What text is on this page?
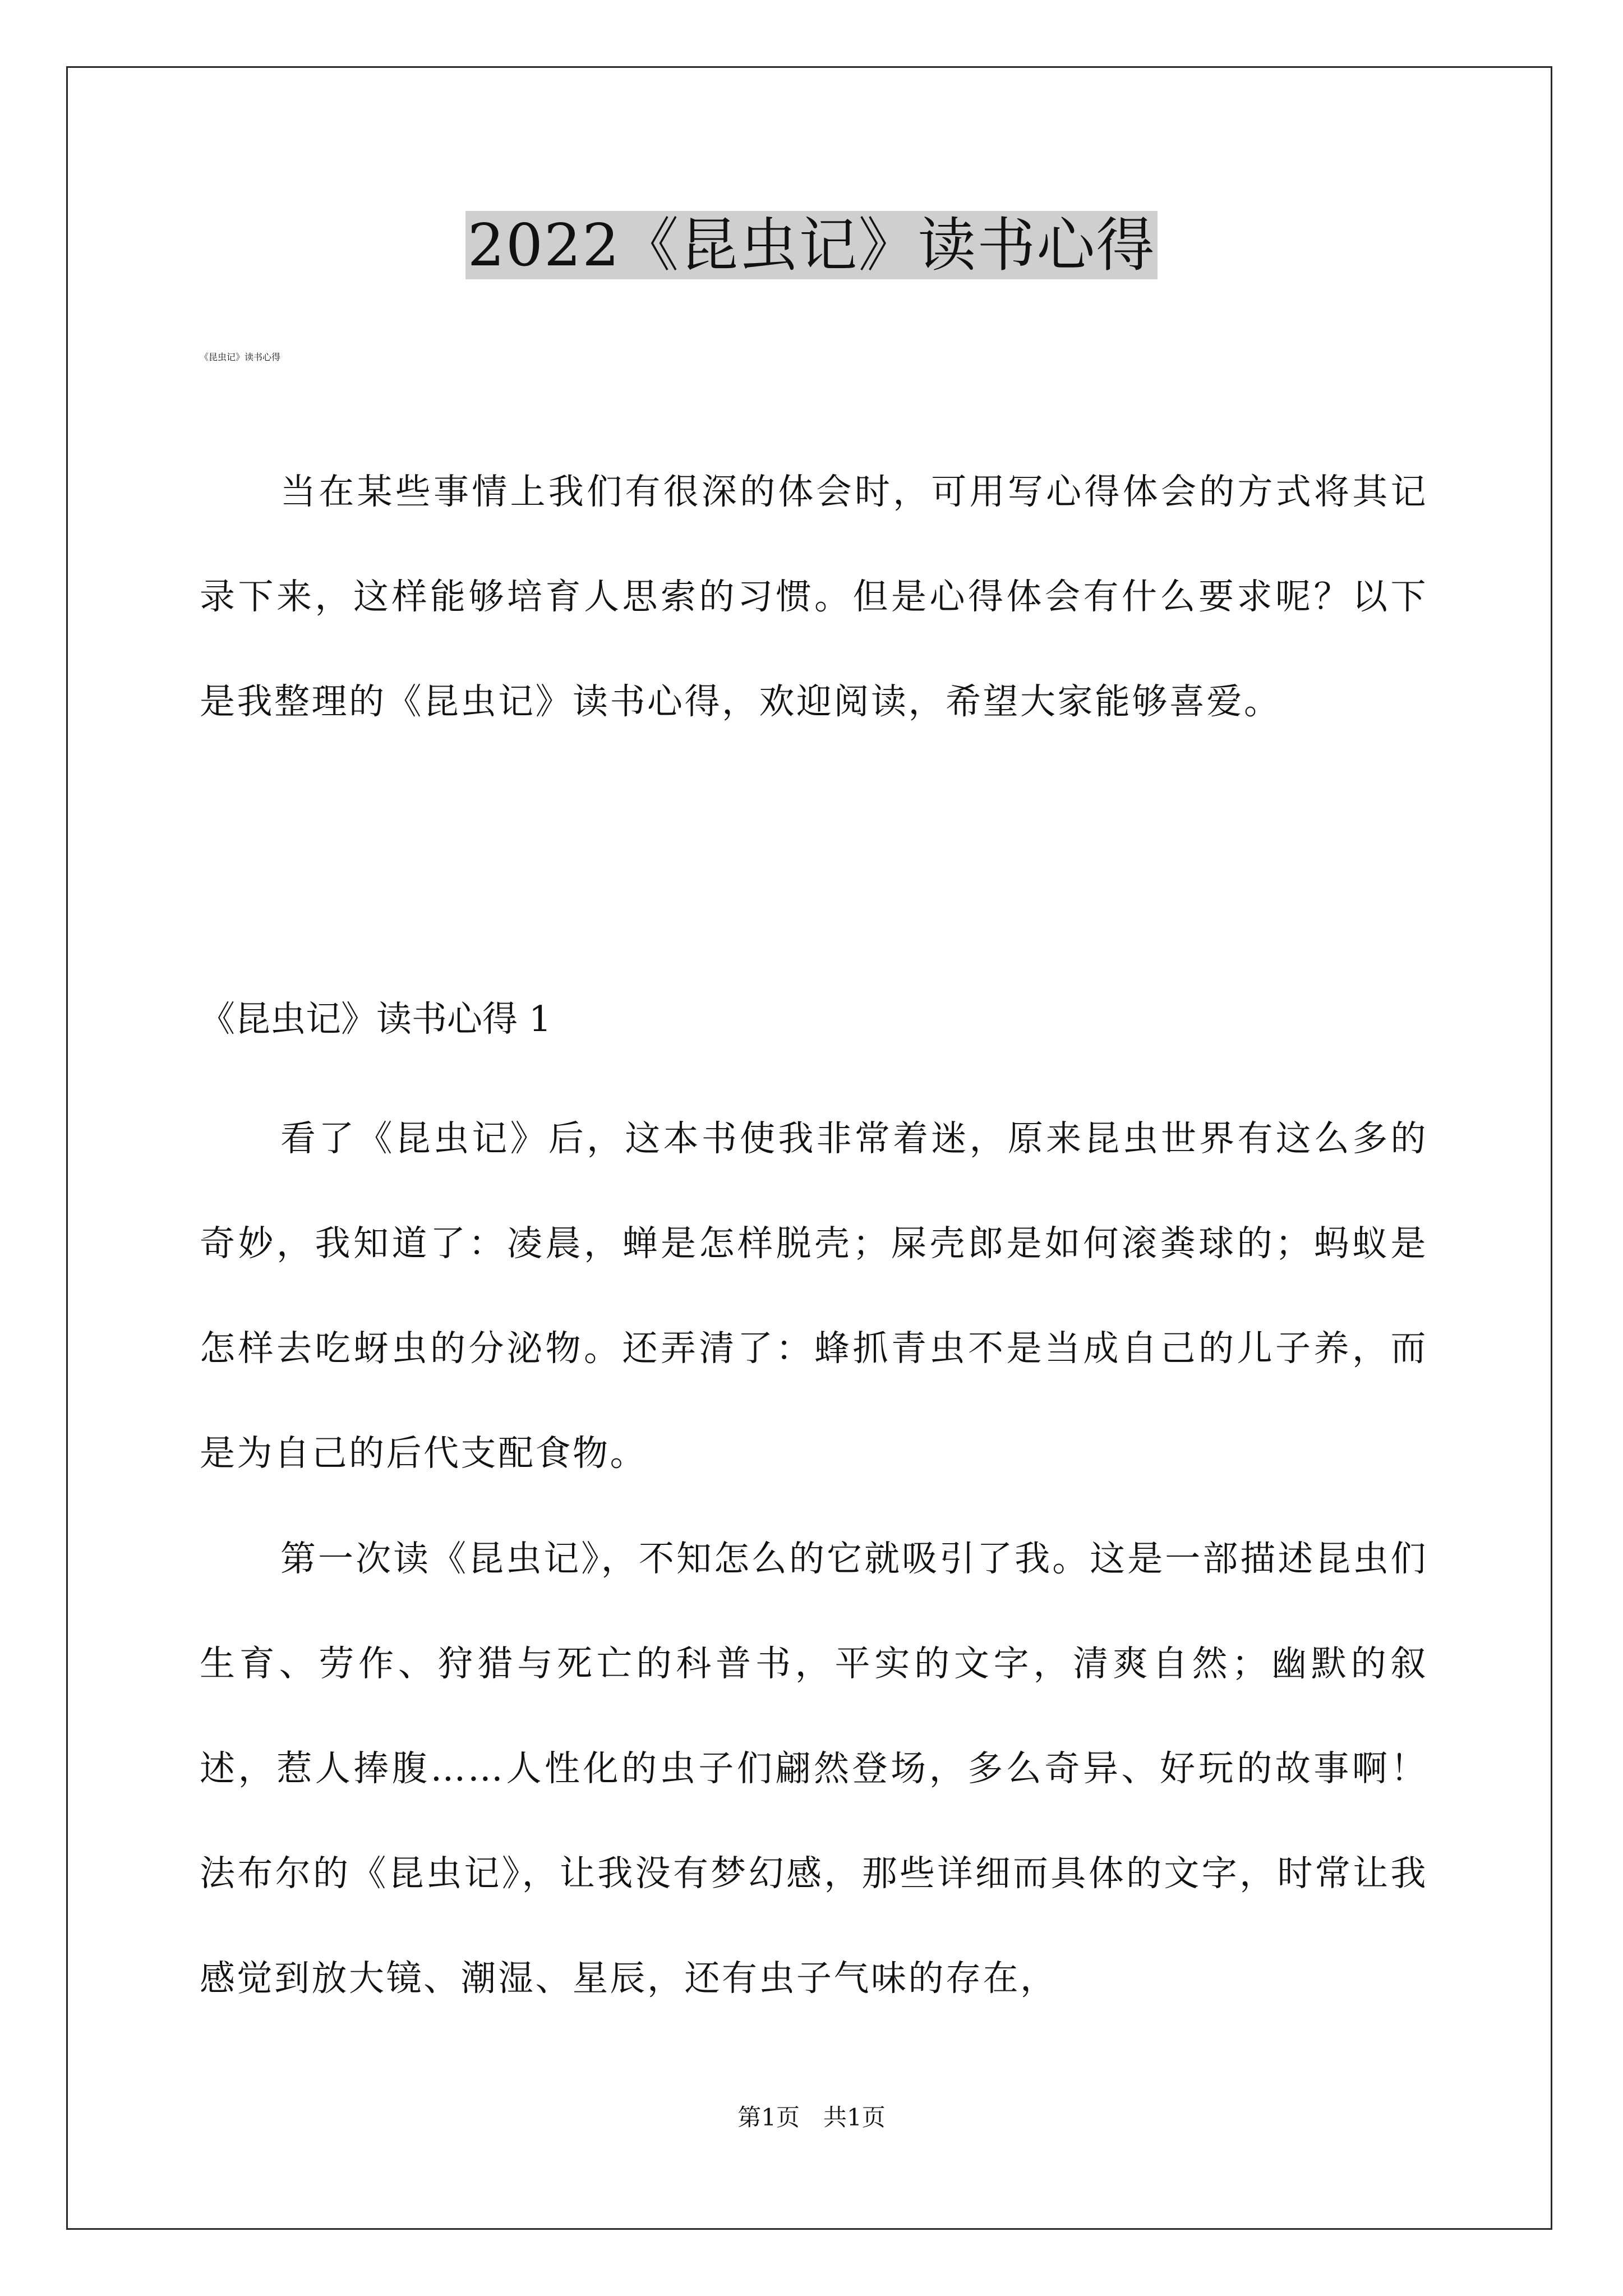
2022《昆虫记》读书心得
《昆虫记》读书心得
当在某些事情上我们有很深的体会时，可用写心得体会的方式将其记录下来，这样能够培育人思索的习惯。但是心得体会有什么要求呢？以下是我整理的《昆虫记》读书心得，欢迎阅读，希望大家能够喜爱。
《昆虫记》读书心得 1
看了《昆虫记》后，这本书使我非常着迷，原来昆虫世界有这么多的奇妙，我知道了：凌晨，蝉是怎样脱壳；屎壳郎是如何滚粪球的；蚂蚁是怎样去吃蚜虫的分泌物。还弄清了：蜂抓青虫不是当成自己的儿子养，而是为自己的后代支配食物。
第一次读《昆虫记》，不知怎么的它就吸引了我。这是一部描述昆虫们生育、劳作、狩猎与死亡的科普书，平实的文字，清爽自然；幽默的叙述，惹人捧腹……人性化的虫子们翩然登场，多么奇异、好玩的故事啊！法布尔的《昆虫记》，让我没有梦幻感，那些详细而具体的文字，时常让我感觉到放大镜、潮湿、星辰，还有虫子气味的存在，
第1页　共1页
